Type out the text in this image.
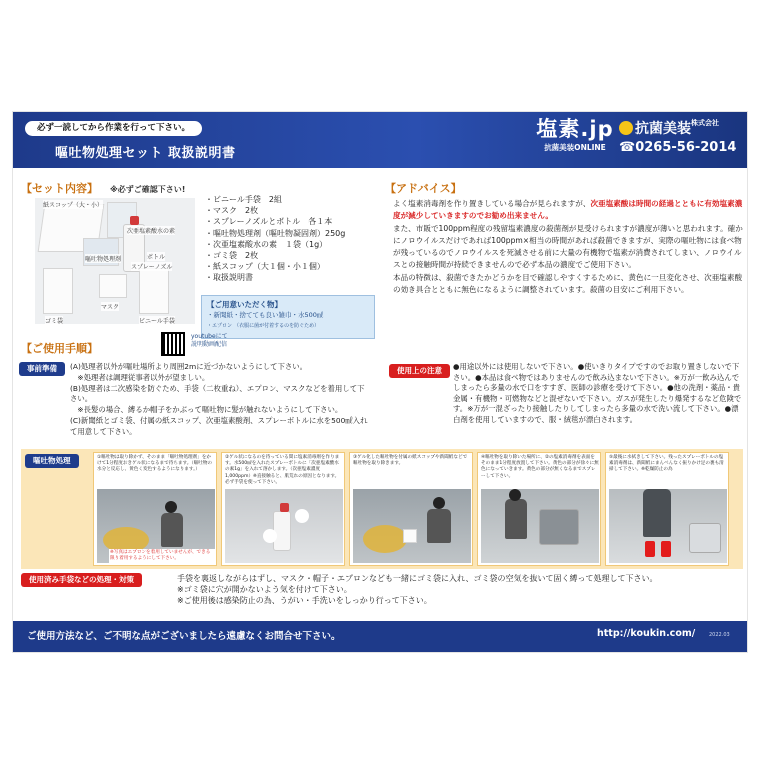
必ず一読してから作業を行って下さい。
嘔吐物処理セット 取扱説明書
塩素.jp
抗菌美装ONLINE
抗菌美装$^{株式会社}$
☎0265-56-2014
【セット内容】 ※必ずご確認下さい!
紙スコップ（大・小）
次亜塩素酸水の素
嘔吐物処理剤	ボトル
スプレーノズル
マスク
ゴミ袋	ビニール手袋
・ビニール手袋　2組
・マスク　2枚
・スプレーノズルとボトル　各１本
・嘔吐物処理剤（嘔吐物凝固剤）250g
・次亜塩素酸水の素　１袋（1g）
・ゴミ袋　2枚
・紙スコップ（大１個・小１個）
・取扱説明書
【ご用意いただく物】
・新聞紙・捨てても良い雑巾・水500㎖
・エプロン （衣服に菌が付着するのを防ぐため）
【アドバイス】

よく塩素消毒剤を作り置きしている場合が見られますが、次亜塩素酸は時間の経過とともに有効塩素濃度が減少していきますのでお勧め出来ません。

また、市販で100ppm程度の残留塩素濃度の殺菌剤が見受けられますが濃度が薄いと思われます。確かにノロウイルスだけであれば100ppm×相当の時間があれば殺菌できますが、実際の嘔吐物には食べ物が残っているのでノロウイルスを死滅させる前に大量の有機物で塩素が消費されてしまい、ノロウイルスとの接触時間が持続できませんので必ず本品の濃度でご使用下さい。

本品の特徴は、殺菌できたかどうかを目で確認しやすくするために、黄色に一旦変化させ、次亜塩素酸の効き具合とともに無色になるように調整されています。殺菌の目安にご利用下さい。

【ご使用手順】
youtubeにて
説明動画配信
事前準備	(A)処理者以外が嘔吐場所より周囲2mに近づかないようにして下さい。
　※処理者は調理従事者以外が望ましい。
(B)処理者は二次感染を防ぐため、手袋（二枚重ね）、エプロン、マスクなどを着用して下さい。
　※長髪の場合、縛るか帽子をかぶって嘔吐物に髪が触れないようにして下さい。
(C)新聞紙とゴミ袋、付属の紙スコップ、次亜塩素酸剤、スプレーボトルに水を500㎖入れて用意して下さい。
使用上の注意	●用途以外には使用しないで下さい。●使いきりタイプですのでお取り置きしないで下さい。●本品は食べ物ではありませんので飲み込まないで下さい。※万が一飲み込んでしまったら多量の水で口をすすぎ、医師の診療を受けて下さい。●他の洗剤・薬品・貴金属・有機物・可燃物などと混ぜないで下さい。ガスが発生したり爆発するなど危険です。※万が一混ざったり接触したりしてしまったら多量の水で洗い流して下さい。●漂白剤を使用していますので、服・絨毯が漂白されます。
嘔吐物処理	①嘔吐物は取り除かず、そのまま「嘔吐物処理剤」をかけて1分程度おきゲル状になるまで待ちます。（嘔吐物の水分と反応し、黄色く変色するようになります。）
※写真はエプロンを着用していませんが、できる限り着用するようにして下さい。
②ゲル状になるのを待っている間に塩素消毒剤を作ります。水500㎖を入れたスプレーボトルに「次亜塩素酸水の素1g」を入れて溶かします。（次亜塩素濃度1,000ppm）※直接触ると、肌荒れの原因となります。必ず手袋を使って下さい。
③ゲル化した嘔吐物を付属の紙スコップや新聞紙などで嘔吐物を取り除きます。
④嘔吐物を取り除いた場所に、②の塩素消毒剤を表面をそのまま1分程度放置して下さい。黄色の部分が徐々に無色になっていきます。黄色の部分が無くなるまでスプレーして下さい。
⑤最後に水拭きして下さい。残ったスプレーボトルの塩素消毒剤は、新聞紙にまんべんなく振りかけ足の裏も清掃して下さい。※乾燥防止の為
使用済み手袋などの処理・対策	手袋を裏返しながらはずし、マスク・帽子・エプロンなども一緒にゴミ袋に入れ、ゴミ袋の空気を抜いて固く縛って処理して下さい。
※ゴミ袋に穴が開かないよう気を付けて下さい。
※ご使用後は感染防止の為、うがい・手洗いをしっかり行って下さい。
ご使用方法など、ご不明な点がございましたら遠慮なくお問合せ下さい。	http://koukin.com/	2022.03
